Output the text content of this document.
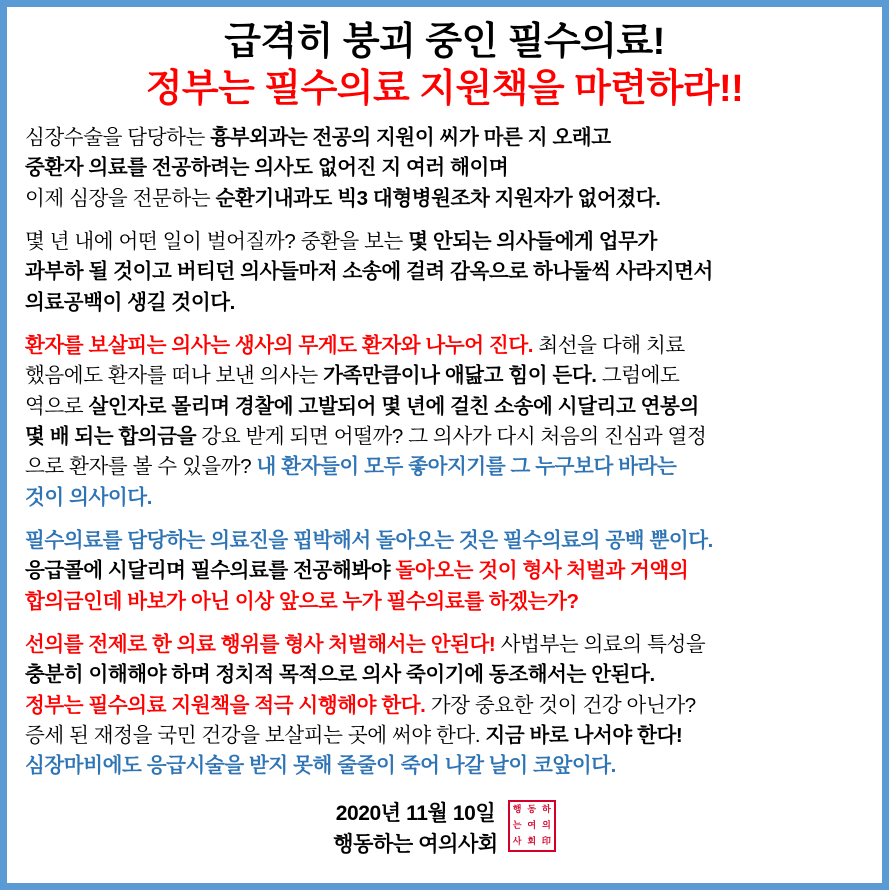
급격히 붕괴 중인 필수의료!
정부는 필수의료 지원책을 마련하라!!
심장수술을 담당하는 흉부외과는 전공의 지원이 씨가 마른 지 오래고
중환자 의료를 전공하려는 의사도 없어진 지 여러 해이며
이제 심장을 전문하는 순환기내과도 빅3 대형병원조차 지원자가 없어졌다.
몇 년 내에 어떤 일이 벌어질까? 중환을 보는 몇 안되는 의사들에게 업무가
과부하 될 것이고 버티던 의사들마저 소송에 걸려 감옥으로 하나둘씩 사라지면서
의료공백이 생길 것이다.
환자를 보살피는 의사는 생사의 무게도 환자와 나누어 진다. 최선을 다해 치료
했음에도 환자를 떠나 보낸 의사는 가족만큼이나 애닲고 힘이 든다. 그럼에도
역으로 살인자로 몰리며 경찰에 고발되어 몇 년에 걸친 소송에 시달리고 연봉의
몇 배 되는 합의금을 강요 받게 되면 어떨까? 그 의사가 다시 처음의 진심과 열정
으로 환자를 볼 수 있을까? 내 환자들이 모두 좋아지기를 그 누구보다 바라는
것이 의사이다.
필수의료를 담당하는 의료진을 핍박해서 돌아오는 것은 필수의료의 공백 뿐이다.
응급콜에 시달리며 필수의료를 전공해봐야 돌아오는 것이 형사 처벌과 거액의
합의금인데 바보가 아닌 이상 앞으로 누가 필수의료를 하겠는가?
선의를 전제로 한 의료 행위를 형사 처벌해서는 안된다! 사법부는 의료의 특성을
충분히 이해해야 하며 정치적 목적으로 의사 죽이기에 동조해서는 안된다.
정부는 필수의료 지원책을 적극 시행해야 한다. 가장 중요한 것이 건강 아닌가?
증세 된 재정을 국민 건강을 보살피는 곳에 써야 한다. 지금 바로 나서야 한다!
심장마비에도 응급시술을 받지 못해 줄줄이 죽어 나갈 날이 코앞이다.
2020년 11월 10일
행동하는 여의사회
행 동 하
는 여 의
사 회 印
